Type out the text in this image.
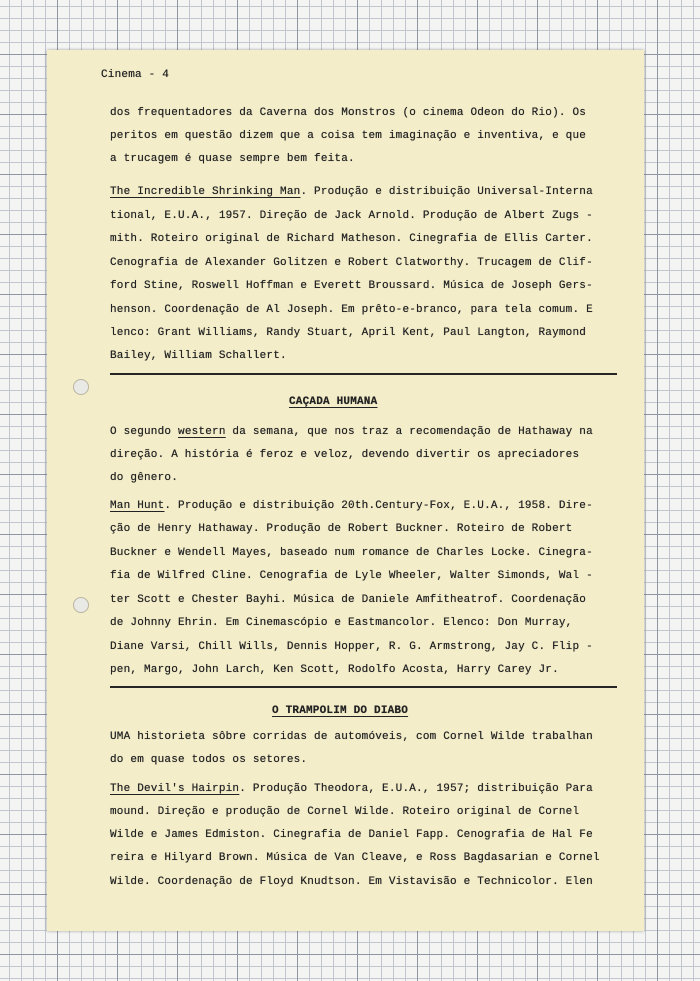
Cinema - 4

dos frequentadores da Caverna dos Monstros (o cinema Odeon do Rio). Os

peritos em questão dizem que a coisa tem imaginação e inventiva, e que

a trucagem é quase sempre bem feita.

The Incredible Shrinking Man. Produção e distribuição Universal-Interna

tional, E.U.A., 1957. Direção de Jack Arnold. Produção de Albert Zugs -

mith. Roteiro original de Richard Matheson. Cinegrafia de Ellis Carter.

Cenografia de Alexander Golitzen e Robert Clatworthy. Trucagem de Clif-

ford Stine, Roswell Hoffman e Everett Broussard. Música de Joseph Gers-

henson. Coordenação de Al Joseph. Em prêto-e-branco, para tela comum. E

lenco: Grant Williams, Randy Stuart, April Kent, Paul Langton, Raymond

Bailey, William Schallert.

CAÇADA HUMANA

O segundo western da semana, que nos traz a recomendação de Hathaway na

direção. A história é feroz e veloz, devendo divertir os apreciadores

do gênero.

Man Hunt. Produção e distribuição 20th.Century-Fox, E.U.A., 1958. Dire-

ção de Henry Hathaway. Produção de Robert Buckner. Roteiro de Robert

Buckner e Wendell Mayes, baseado num romance de Charles Locke. Cinegra-

fia de Wilfred Cline. Cenografia de Lyle Wheeler, Walter Simonds, Wal -

ter Scott e Chester Bayhi. Música de Daniele Amfitheatrof. Coordenação

de Johnny Ehrin. Em Cinemascópio e Eastmancolor. Elenco: Don Murray,

Diane Varsi, Chill Wills, Dennis Hopper, R. G. Armstrong, Jay C. Flip -

pen, Margo, John Larch, Ken Scott, Rodolfo Acosta, Harry Carey Jr.

O TRAMPOLIM DO DIABO

UMA historieta sôbre corridas de automóveis, com Cornel Wilde trabalhan

do em quase todos os setores.

The Devil's Hairpin. Produção Theodora, E.U.A., 1957; distribuição Para

mound. Direção e produção de Cornel Wilde. Roteiro original de Cornel

Wilde e James Edmiston. Cinegrafia de Daniel Fapp. Cenografia de Hal Fe

reira e Hilyard Brown. Música de Van Cleave, e Ross Bagdasarian e Cornel

Wilde. Coordenação de Floyd Knudtson. Em Vistavisão e Technicolor. Elen
